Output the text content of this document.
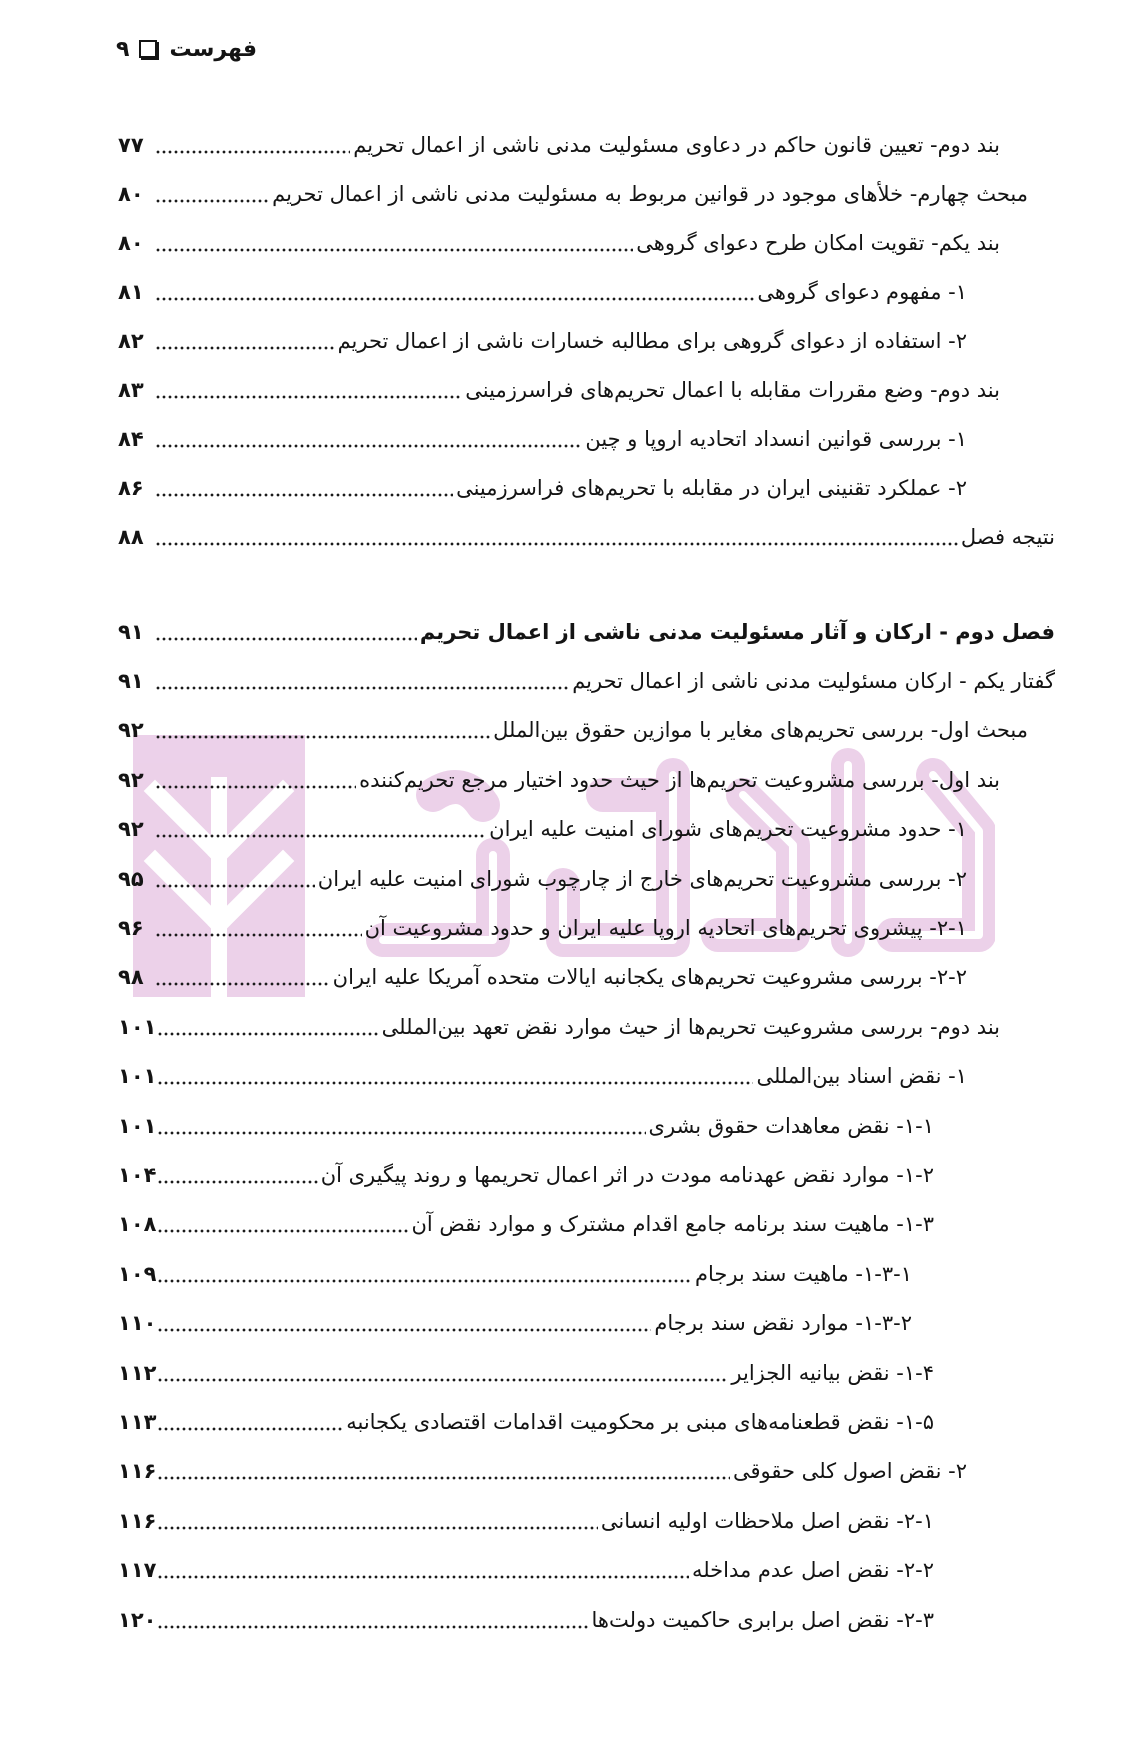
۹ فهرست
بند دوم- تعیین قانون حاکم در دعاوی مسئولیت مدنی ناشی از اعمال تحریم
۷۷
مبحث چهارم- خلأهای موجود در قوانین مربوط به مسئولیت مدنی ناشی از اعمال تحریم
۸۰
بند یکم- تقویت امکان طرح دعوای گروهی
۸۰
۱- مفهوم دعوای گروهی
۸۱
۲- استفاده از دعوای گروهی برای مطالبه خسارات ناشی از اعمال تحریم
۸۲
بند دوم- وضع مقررات مقابله با اعمال تحریم‌های فراسرزمینی
۸۳
۱- بررسی قوانین انسداد اتحادیه اروپا و چین
۸۴
۲- عملکرد تقنینی ایران در مقابله با تحریم‌های فراسرزمینی
۸۶
نتیجه فصل
۸۸
فصل دوم - ارکان و آثار مسئولیت مدنی ناشی از اعمال تحریم
۹۱
گفتار یکم - ارکان مسئولیت مدنی ناشی از اعمال تحریم
۹۱
مبحث اول- بررسی تحریم‌های مغایر با موازین حقوق بین‌الملل
۹۲
بند اول- بررسی مشروعیت تحریم‌ها از حیث حدود اختیار مرجع تحریم‌کننده
۹۲
۱- حدود مشروعیت تحریم‌های شورای امنیت علیه ایران
۹۲
۲- بررسی مشروعیت تحریم‌های خارج از چارچوب شورای امنیت علیه ایران
۹۵
۲-۱- پیشروی تحریم‌های اتحادیه اروپا علیه ایران و حدود مشروعیت آن
۹۶
۲-۲- بررسی مشروعیت تحریم‌های یکجانبه ایالات متحده آمریکا علیه ایران
۹۸
بند دوم- بررسی مشروعیت تحریم‌ها از حیث موارد نقض تعهد بین‌المللی
۱۰۱
۱- نقض اسناد بین‌المللی
۱۰۱
۱-۱- نقض معاهدات حقوق بشری
۱۰۱
۱-۲- موارد نقض عهدنامه مودت در اثر اعمال تحریمها و روند پیگیری آن
۱۰۴
۱-۳- ماهیت سند برنامه جامع اقدام مشترک و موارد نقض آن
۱۰۸
۱-۳-۱- ماهیت سند برجام
۱۰۹
۱-۳-۲- موارد نقض سند برجام
۱۱۰
۱-۴- نقض بیانیه الجزایر
۱۱۲
۱-۵- نقض قطعنامه‌های مبنی بر محکومیت اقدامات اقتصادی یکجانبه
۱۱۳
۲- نقض اصول کلی حقوقی
۱۱۶
۲-۱- نقض اصل ملاحظات اولیه انسانی
۱۱۶
۲-۲- نقض اصل عدم مداخله
۱۱۷
۲-۳- نقض اصل برابری حاکمیت دولت‌ها
۱۲۰
